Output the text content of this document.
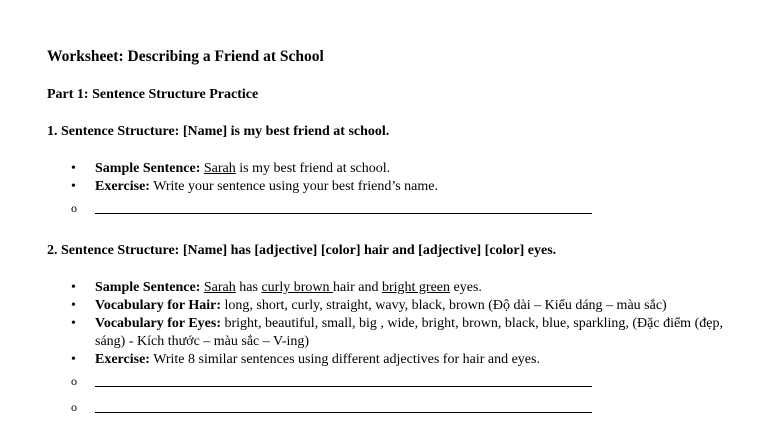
Worksheet: Describing a Friend at School
Part 1: Sentence Structure Practice
1. Sentence Structure: [Name] is my best friend at school.
• Sample Sentence: Sarah is my best friend at school.
• Exercise: Write your sentence using your best friend’s name.
o
2. Sentence Structure: [Name] has [adjective] [color] hair and [adjective] [color] eyes.
• Sample Sentence: Sarah has curly brown hair and bright green eyes.
• Vocabulary for Hair: long, short, curly, straight, wavy, black, brown (Độ dài – Kiểu dáng – màu sắc)
• Vocabulary for Eyes: bright, beautiful, small, big , wide, bright, brown, black, blue, sparkling, (Đặc điểm (đẹp, sáng) - Kích thước – màu sắc – V-ing)
• Exercise: Write 8 similar sentences using different adjectives for hair and eyes.
o
o
